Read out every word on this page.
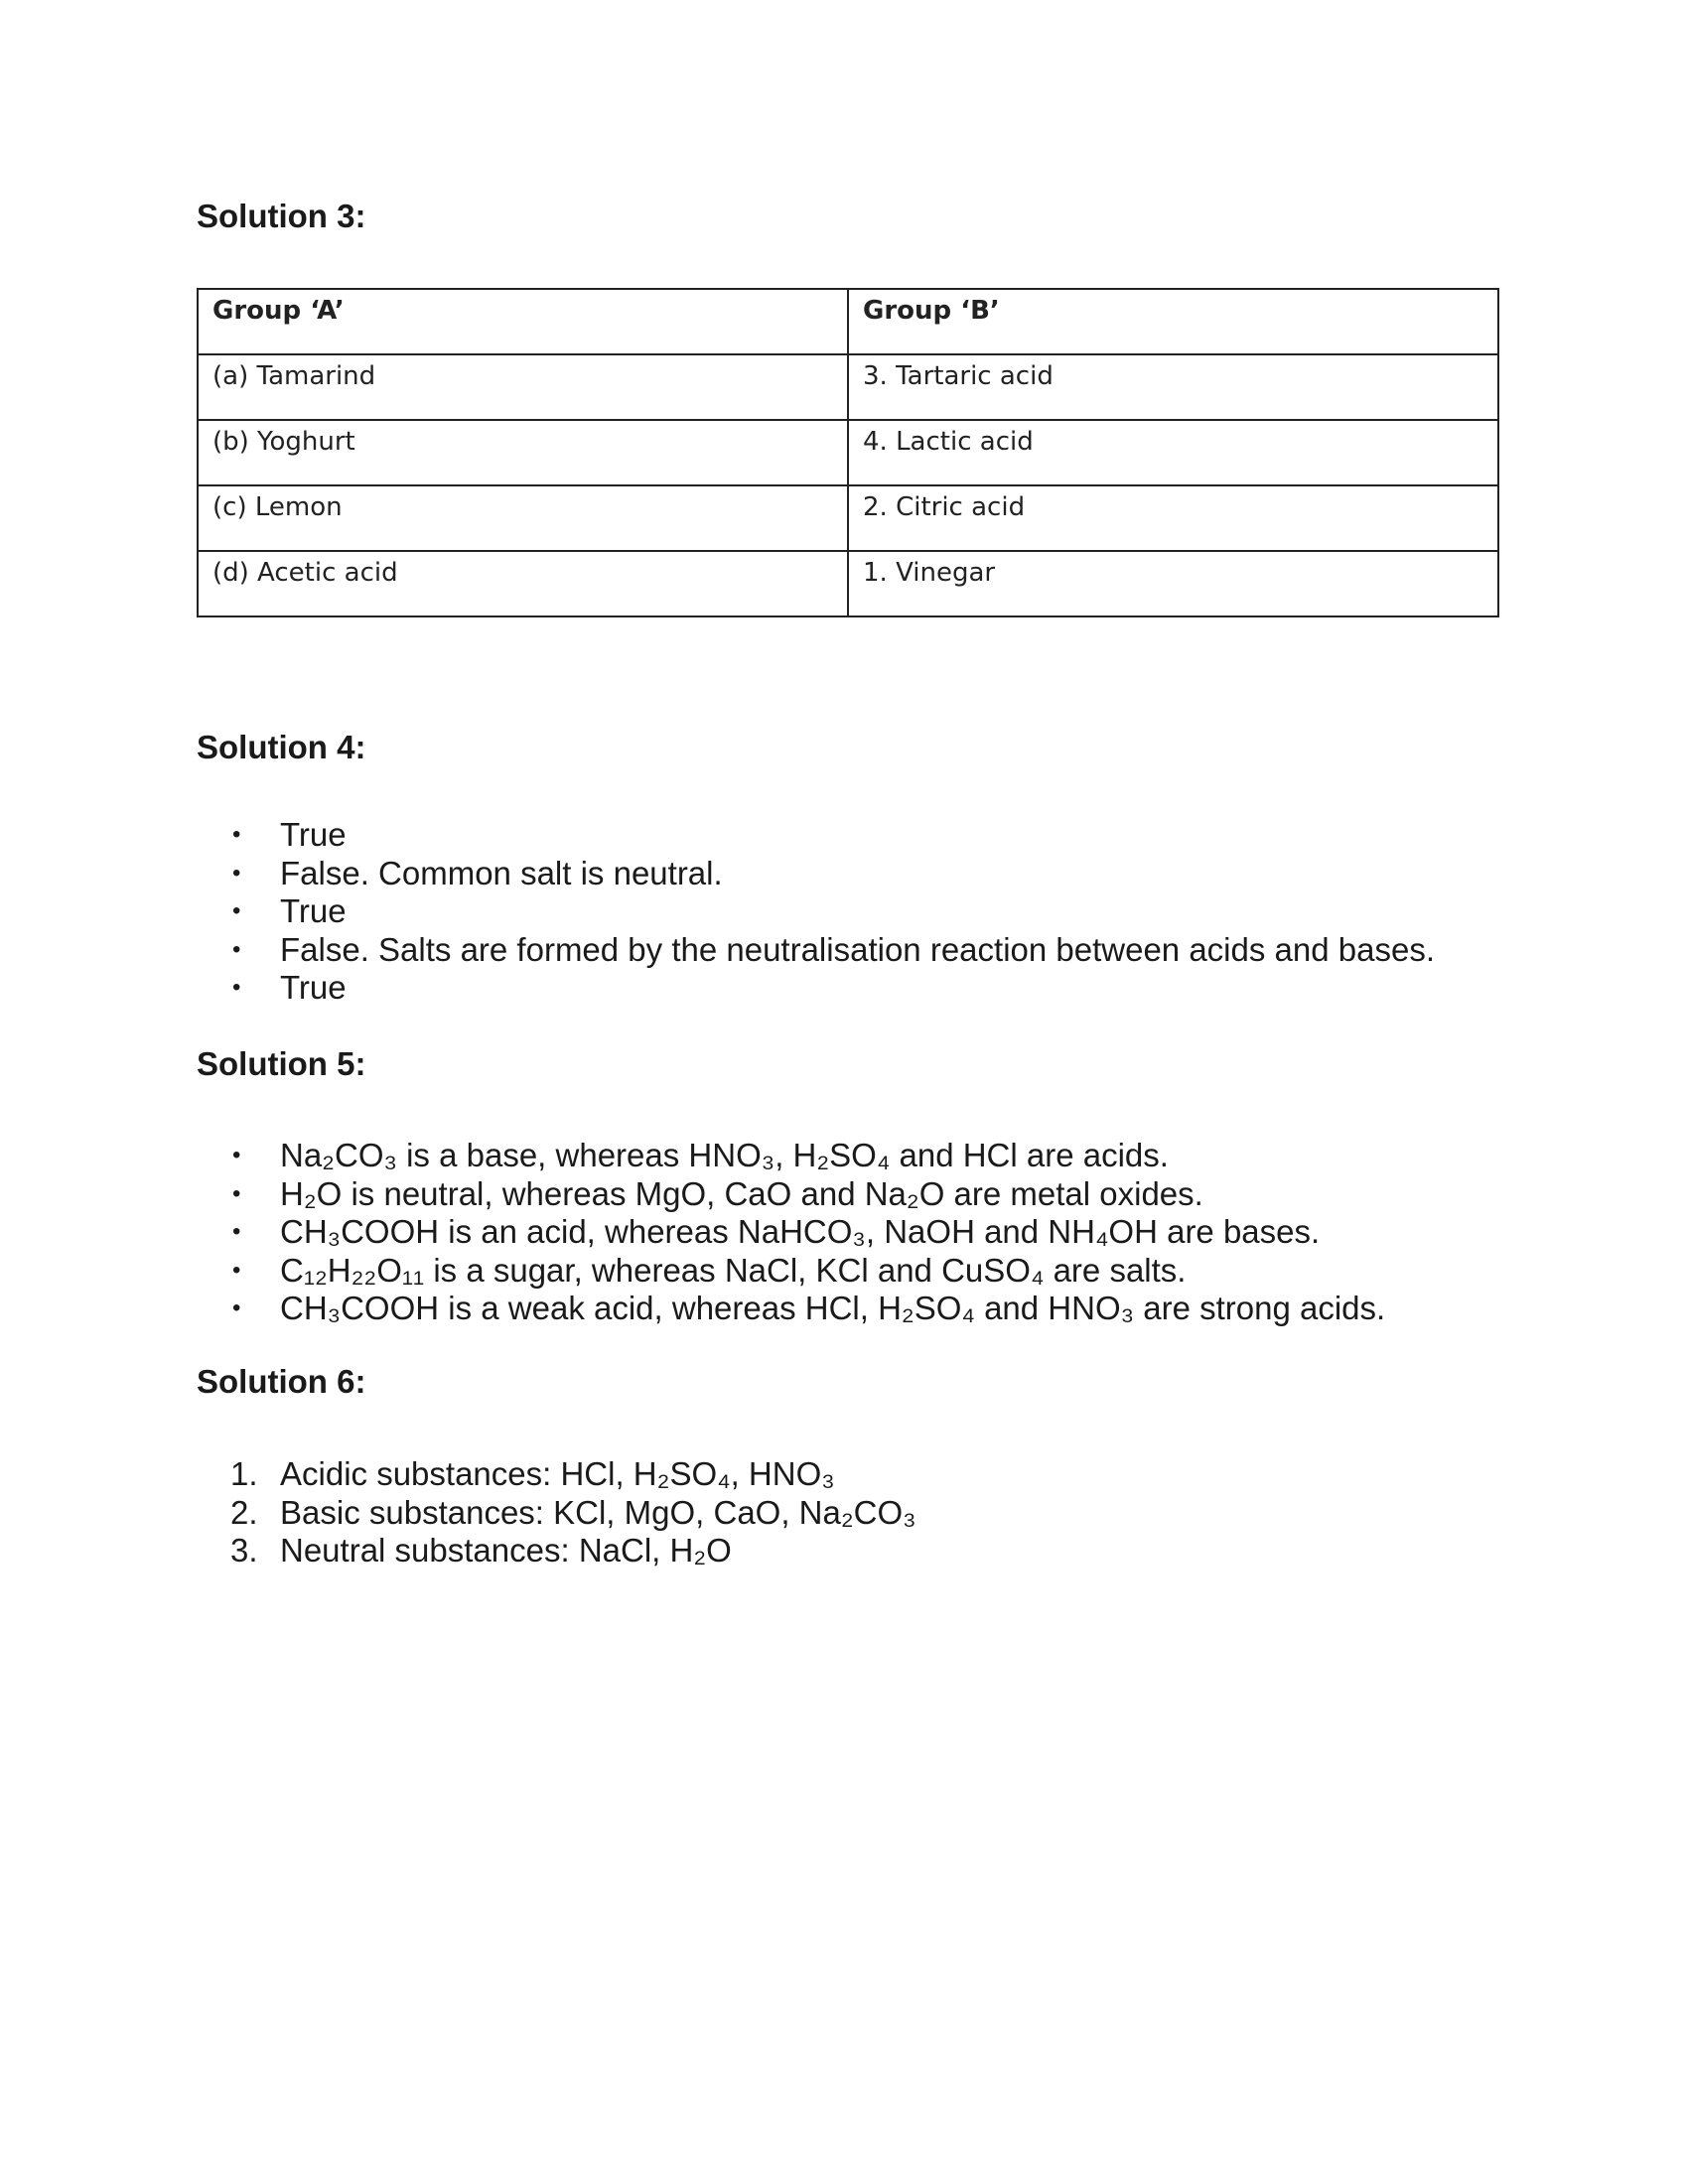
Solution 3:
Group ‘A’	Group ‘B’
(a) Tamarind	3. Tartaric acid
(b) Yoghurt	4. Lactic acid
(c) Lemon	2. Citric acid
(d) Acetic acid	1. Vinegar
Solution 4:
• True
• False. Common salt is neutral.
• True
• False. Salts are formed by the neutralisation reaction between acids and bases.
• True
Solution 5:
• Na₂CO₃ is a base, whereas HNO₃, H₂SO₄ and HCl are acids.
• H₂O is neutral, whereas MgO, CaO and Na₂O are metal oxides.
• CH₃COOH is an acid, whereas NaHCO₃, NaOH and NH₄OH are bases.
• C₁₂H₂₂O₁₁ is a sugar, whereas NaCl, KCl and CuSO₄ are salts.
• CH₃COOH is a weak acid, whereas HCl, H₂SO₄ and HNO₃ are strong acids.
Solution 6:
1. Acidic substances: HCl, H₂SO₄, HNO₃
2. Basic substances: KCl, MgO, CaO, Na₂CO₃
3. Neutral substances: NaCl, H₂O
